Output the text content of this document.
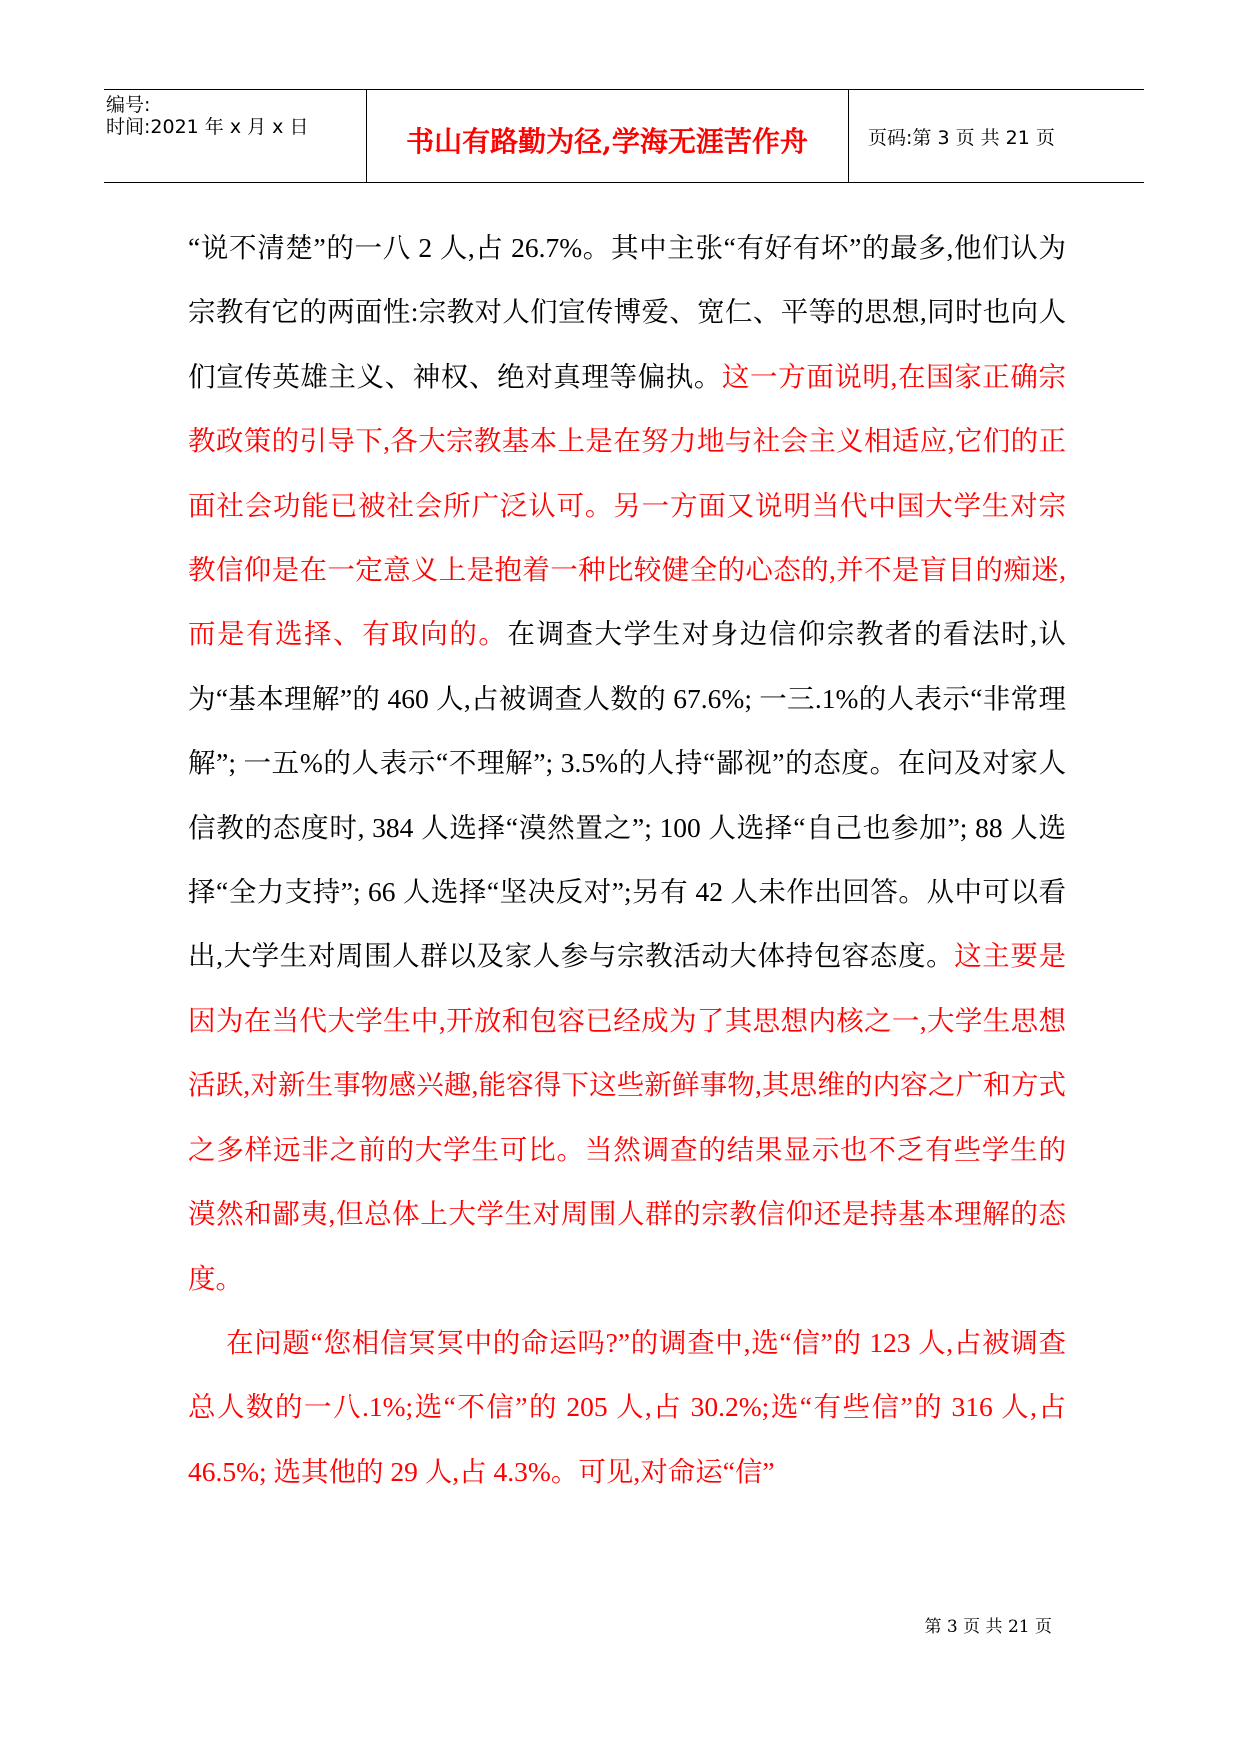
编号:
时间:2021 年 x 月 x 日	书山有路勤为径,学海无涯苦作舟	页码:第 3 页 共 21 页

“说不清楚”的一八 2 人,占 26.7%。其中主张“有好有坏”的最多,他们认为宗教有它的两面性:宗教对人们宣传博爱、宽仁、平等的思想,同时也向人们宣传英雄主义、神权、绝对真理等偏执。这一方面说明,在国家正确宗教政策的引导下,各大宗教基本上是在努力地与社会主义相适应,它们的正面社会功能已被社会所广泛认可。另一方面又说明当代中国大学生对宗教信仰是在一定意义上是抱着一种比较健全的心态的,并不是盲目的痴迷,而是有选择、有取向的。在调查大学生对身边信仰宗教者的看法时,认为“基本理解”的 460 人,占被调查人数的 67.6%; 一三.1%的人表示“非常理解”; 一五%的人表示“不理解”; 3.5%的人持“鄙视”的态度。在问及对家人信教的态度时, 384 人选择“漠然置之”; 100 人选择“自己也参加”; 88 人选择“全力支持”; 66 人选择“坚决反对”;另有 42 人未作出回答。从中可以看出,大学生对周围人群以及家人参与宗教活动大体持包容态度。这主要是因为在当代大学生中,开放和包容已经成为了其思想内核之一,大学生思想活跃,对新生事物感兴趣,能容得下这些新鲜事物,其思维的内容之广和方式之多样远非之前的大学生可比。当然调查的结果显示也不乏有些学生的漠然和鄙夷,但总体上大学生对周围人群的宗教信仰还是持基本理解的态度。

在问题“您相信冥冥中的命运吗?”的调查中,选“信”的 123 人,占被调查总人数的一八.1%;选“不信”的 205 人,占 30.2%;选“有些信”的 316 人,占 46.5%; 选其他的 29 人,占 4.3%。可见,对命运“信”

第 3 页 共 21 页
